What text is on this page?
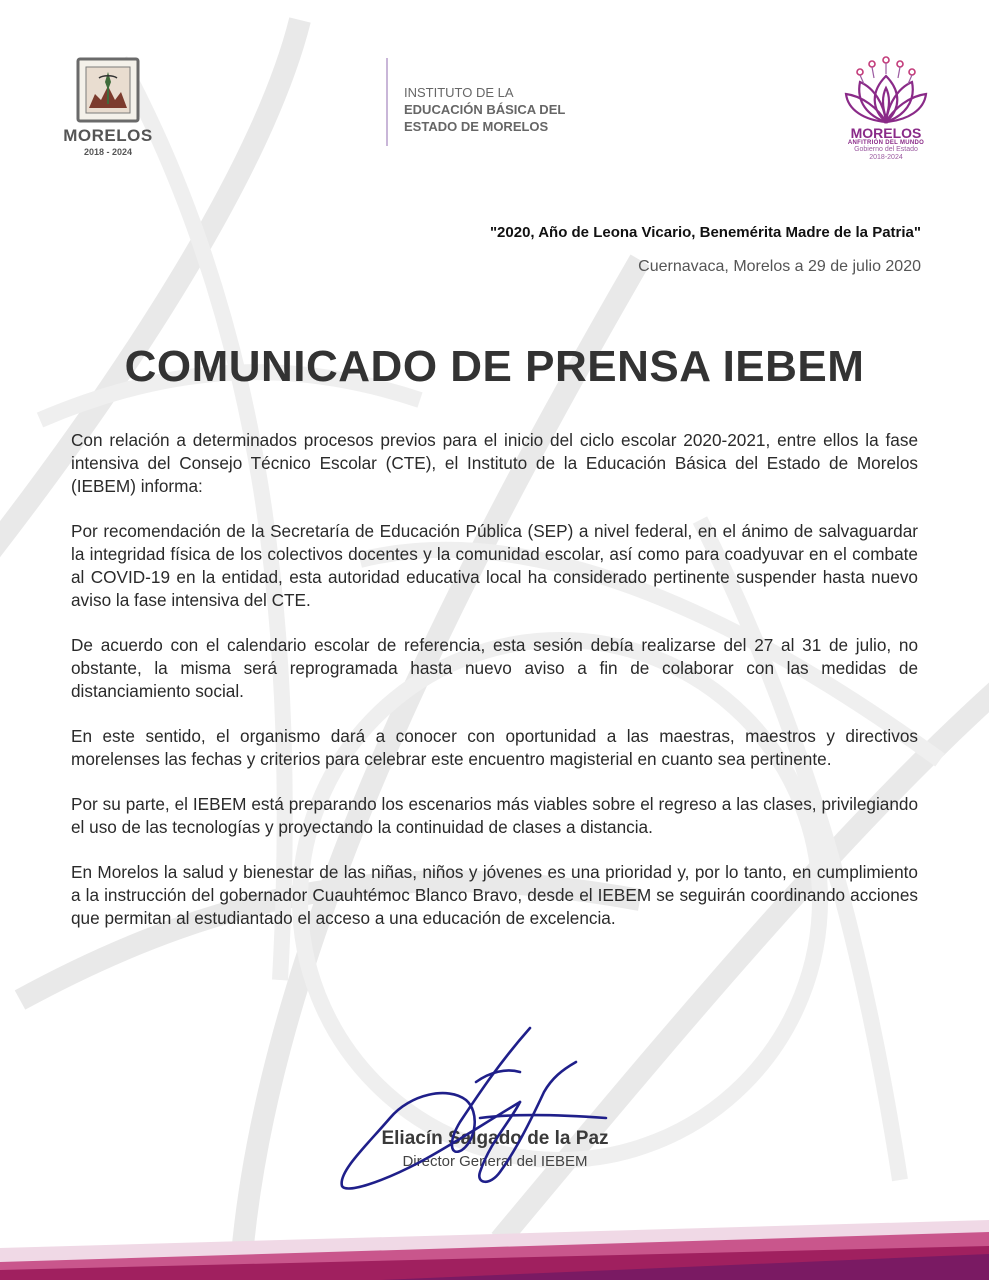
MORELOS
2018 - 2024
INSTITUTO DE LA
EDUCACIÓN BÁSICA DEL
ESTADO DE MORELOS	MORELOS
ANFITRIÓN DEL MUNDO
Gobierno del Estado
2018-2024
"2020, Año de Leona Vicario, Benemérita Madre de la Patria"
Cuernavaca, Morelos a 29 de julio 2020
COMUNICADO DE PRENSA IEBEM

Con relación a determinados procesos previos para el inicio del ciclo escolar 2020-2021, entre ellos la fase intensiva del Consejo Técnico Escolar (CTE), el Instituto de la Educación Básica del Estado de Morelos (IEBEM) informa:

Por recomendación de la Secretaría de Educación Pública (SEP) a nivel federal, en el ánimo de salvaguardar la integridad física de los colectivos docentes y la comunidad escolar, así como para coadyuvar en el combate al COVID-19 en la entidad, esta autoridad educativa local ha considerado pertinente suspender hasta nuevo aviso la fase intensiva del CTE.

De acuerdo con el calendario escolar de referencia, esta sesión debía realizarse del 27 al 31 de julio, no obstante, la misma será reprogramada hasta nuevo aviso a fin de colaborar con las medidas de distanciamiento social.

En este sentido, el organismo dará a conocer con oportunidad a las maestras, maestros y directivos morelenses las fechas y criterios para celebrar este encuentro magisterial en cuanto sea pertinente.

Por su parte, el IEBEM está preparando los escenarios más viables sobre el regreso a las clases, privilegiando el uso de las tecnologías y proyectando la continuidad de clases a distancia.

En Morelos la salud y bienestar de las niñas, niños y jóvenes es una prioridad y, por lo tanto, en cumplimiento a la instrucción del gobernador Cuauhtémoc Blanco Bravo, desde el IEBEM se seguirán coordinando acciones que permitan al estudiantado el acceso a una educación de excelencia.

Eliacín Salgado de la Paz
Director General del IEBEM
